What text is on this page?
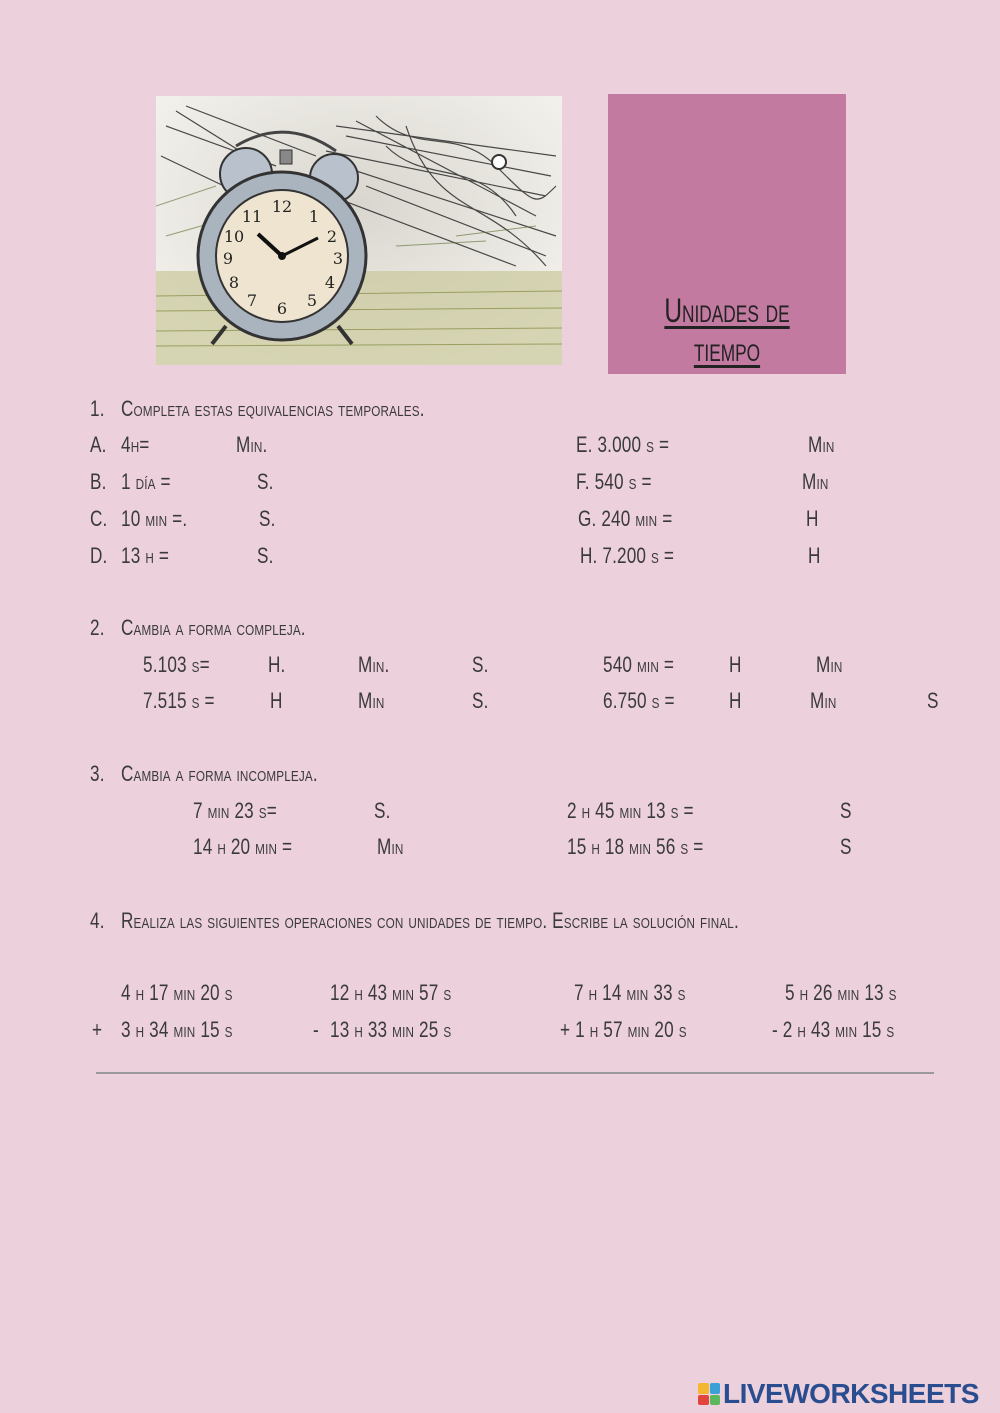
12
1
2
3
4
5
6
7
8
9
10
11
Unidades de tiempo
1. Completa estas equivalencias temporales.
A. 4h=	Min.
B. 1 día =	S.
C. 10 min =.	S.
D. 13 h =	S.
E. 3.000 s =	Min
F. 540 s =	Min
G. 240 min =	H
H. 7.200 s =	H
2. Cambia a forma compleja.
5.103 s=	H.	Min.	S.	540 min = H	Min
7.515 s =	H	Min	S.	6.750 s = H	Min	S
3. Cambia a forma incompleja.
7 min 23 s=	S.	2 h 45 min 13 s =	S
14 h 20 min =	Min	15 h 18 min 56 s =	S
4. Realiza las siguientes operaciones con unidades de tiempo. Escribe la solución final.
4 h 17 min 20 s
+ 3 h 34 min 15 s
12 h 43 min 57 s
- 13 h 33 min 25 s
7 h 14 min 33 s
+ 1 h 57 min 20 s
5 h 26 min 13 s
- 2 h 43 min 15 s
LIVEWORKSHEETS
